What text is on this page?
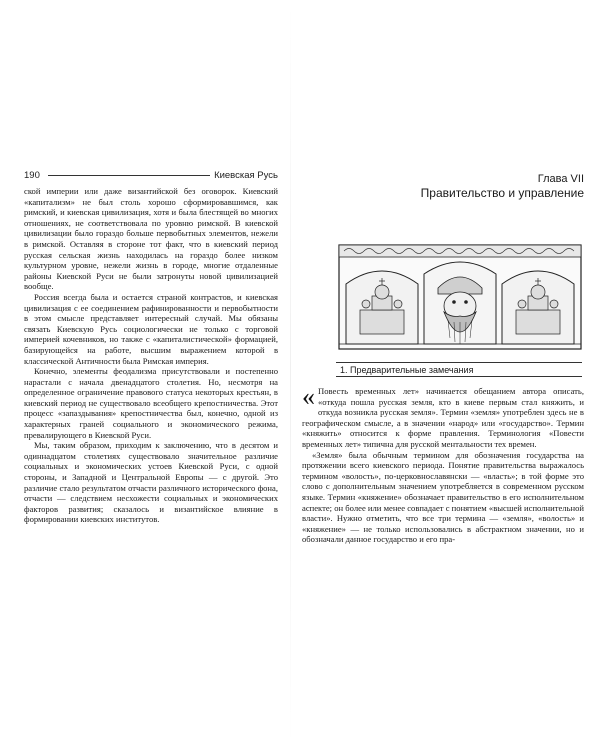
190	Киевская Русь

ской империи или даже византийской без оговорок. Киевский «капитализм» не был столь хорошо сформировавшимся, как римский, и киевская цивилизация, хотя и была блестящей во многих отношениях, не соответствовала по уровню римской. В киевской цивилизации было гораздо больше первобытных элементов, нежели в римской. Оставляя в стороне тот факт, что в киевский период русская сельская жизнь находилась на гораздо более низком культурном уровне, нежели жизнь в городе, многие отдаленные районы Киевской Руси не были затронуты новой цивилизацией вообще.

Россия всегда была и остается страной контрастов, и киевская цивилизация с ее соединением рафинированности и первобытности в этом смысле представляет интересный случай. Мы обязаны связать Киевскую Русь социологически не только с торговой империей кочевников, но также с «капиталистической» формацией, базирующейся на работе, высшим выражением которой в классической Античности была Римская империя.

Конечно, элементы феодализма присутствовали и постепенно нарастали с начала двенадцатого столетия. Но, несмотря на определенное ограничение правового статуса некоторых крестьян, в киевский период не существовало всеобщего крепостничества. Этот процесс «запаздывания» крепостничества был, конечно, одной из характерных граней социального и экономического режима, превалирующего в Киевской Руси.

Мы, таким образом, приходим к заключению, что в десятом и одиннадцатом столетиях существовало значительное различие социальных и экономических устоев Киевской Руси, с одной стороны, и Западной и Центральной Европы — с другой. Это различие стало результатом отчасти различного исторического фона, отчасти — следствием несхожести социальных и экономических факторов развития; сказалось и византийское влияние в формировании киевских институтов.

Глава VII
Правительство и управление
1. Предварительные замечания

« Повесть временных лет» начинается обещанием автора описать, «откуда пошла русская земля, кто в киеве первым стал княжить, и откуда возникла русская земля». Термин «земля» употреблен здесь не в географическом смысле, а в значении «народ» или «государство». Термин «княжить» относится к форме правления. Терминология «Повести временных лет» типична для русской ментальности тех времен.

«Земля» была обычным термином для обозначения государства на протяжении всего киевского периода. Понятие правительства выражалось термином «волость», по-церковнославянски — «власть»; в той форме это слово с дополнительным значением употребляется в современном русском языке. Термин «княжение» обозначает правительство в его исполнительном аспекте; он более или менее совпадает с понятием «высшей исполнительной власти». Нужно отметить, что все три термина — «земля», «волость» и «княжение» — не только использовались в абстрактном значении, но и обозначали данное государство и его пра-
